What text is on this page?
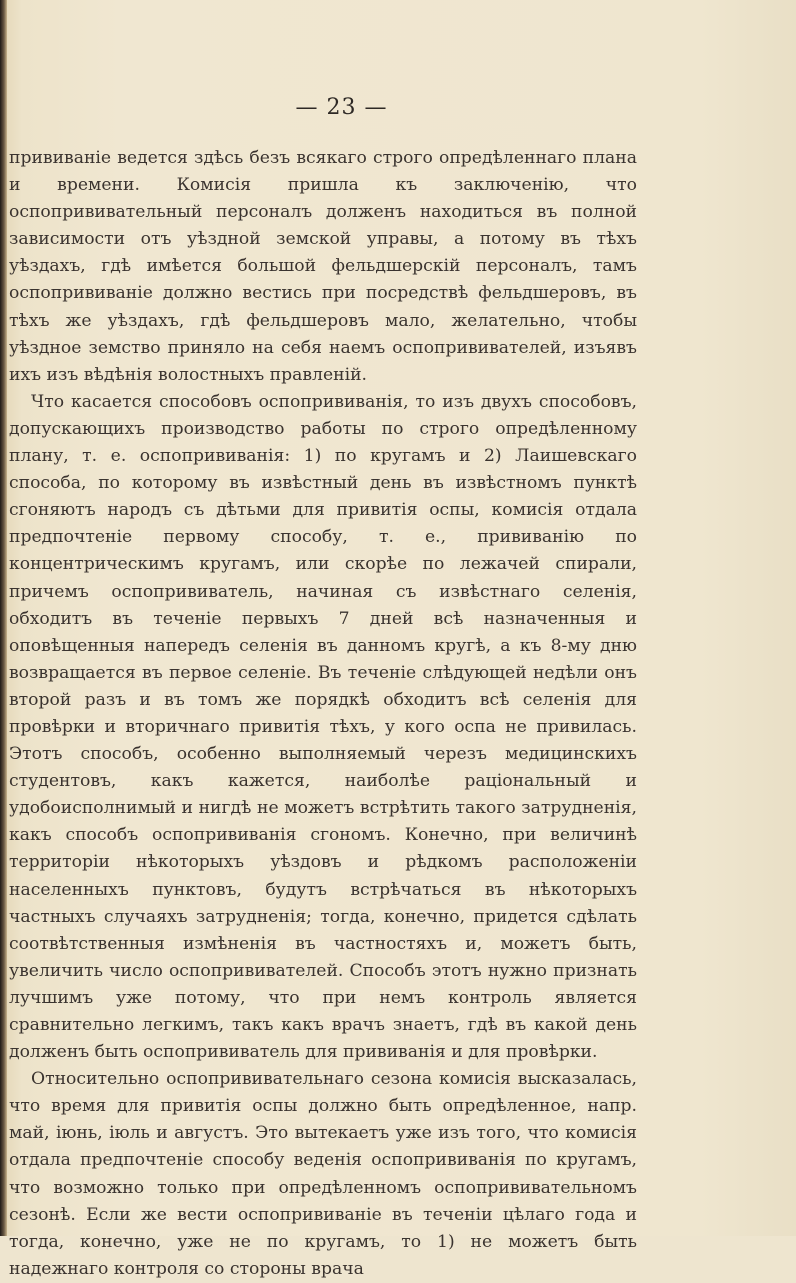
— 23 —

прививаніе ведется здѣсь безъ всякаго строго опредѣленнаго плана и времени. Комисія пришла къ заключенію, что оспопрививательный персоналъ долженъ находиться въ полной зависимости отъ уѣздной земской управы, а потому въ тѣхъ уѣздахъ, гдѣ имѣется большой фельдшерскій персоналъ, тамъ оспопрививаніе должно вестись при посредствѣ фельдшеровъ, въ тѣхъ же уѣздахъ, гдѣ фельдшеровъ мало, желательно, чтобы уѣздное земство приняло на себя наемъ оспопрививателей, изъявъ ихъ изъ вѣдѣнія волостныхъ правленій.

Что касается способовъ оспопрививанія, то изъ двухъ способовъ, допускающихъ производство работы по строго опредѣленному плану, т. е. оспопрививанія: 1) по кругамъ и 2) Лаишевскаго способа, по которому въ извѣстный день въ извѣстномъ пунктѣ сгоняютъ народъ съ дѣтьми для привитія оспы, комисія отдала предпочтеніе первому способу, т. е., прививанію по концентрическимъ кругамъ, или скорѣе по лежачей спирали, причемъ оспопрививатель, начиная съ извѣстнаго селенія, обходитъ въ теченіе первыхъ 7 дней всѣ назначенныя и оповѣщенныя напередъ селенія въ данномъ кругѣ, а къ 8-му дню возвращается въ первое селеніе. Въ теченіе слѣдующей недѣли онъ второй разъ и въ томъ же порядкѣ обходитъ всѣ селенія для провѣрки и вторичнаго привитія тѣхъ, у кого оспа не привилась. Этотъ способъ, особенно выполняемый черезъ медицинскихъ студентовъ, какъ кажется, наиболѣе раціональный и удобоисполнимый и нигдѣ не можетъ встрѣтить такого затрудненія, какъ способъ оспопрививанія сгономъ. Конечно, при величинѣ территоріи нѣкоторыхъ уѣздовъ и рѣдкомъ расположеніи населенныхъ пунктовъ, будутъ встрѣчаться въ нѣкоторыхъ частныхъ случаяхъ затрудненія; тогда, конечно, придется сдѣлать соотвѣтственныя измѣненія въ частностяхъ и, можетъ быть, увеличить число оспопрививателей. Способъ этотъ нужно признать лучшимъ уже потому, что при немъ контроль является сравнительно легкимъ, такъ какъ врачъ знаетъ, гдѣ въ какой день долженъ быть оспопрививатель для прививанія и для провѣрки.

Относительно оспопрививательнаго сезона комисія высказалась, что время для привитія оспы должно быть опредѣленное, напр. май, іюнь, іюль и августъ. Это вытекаетъ уже изъ того, что комисія отдала предпочтеніе способу веденія оспопрививанія по кругамъ, что возможно только при опредѣленномъ оспопрививательномъ сезонѣ. Если же вести оспопрививаніе въ теченіи цѣлаго года и тогда, конечно, уже не по кругамъ, то 1) не можетъ быть надежнаго контроля со стороны врача
